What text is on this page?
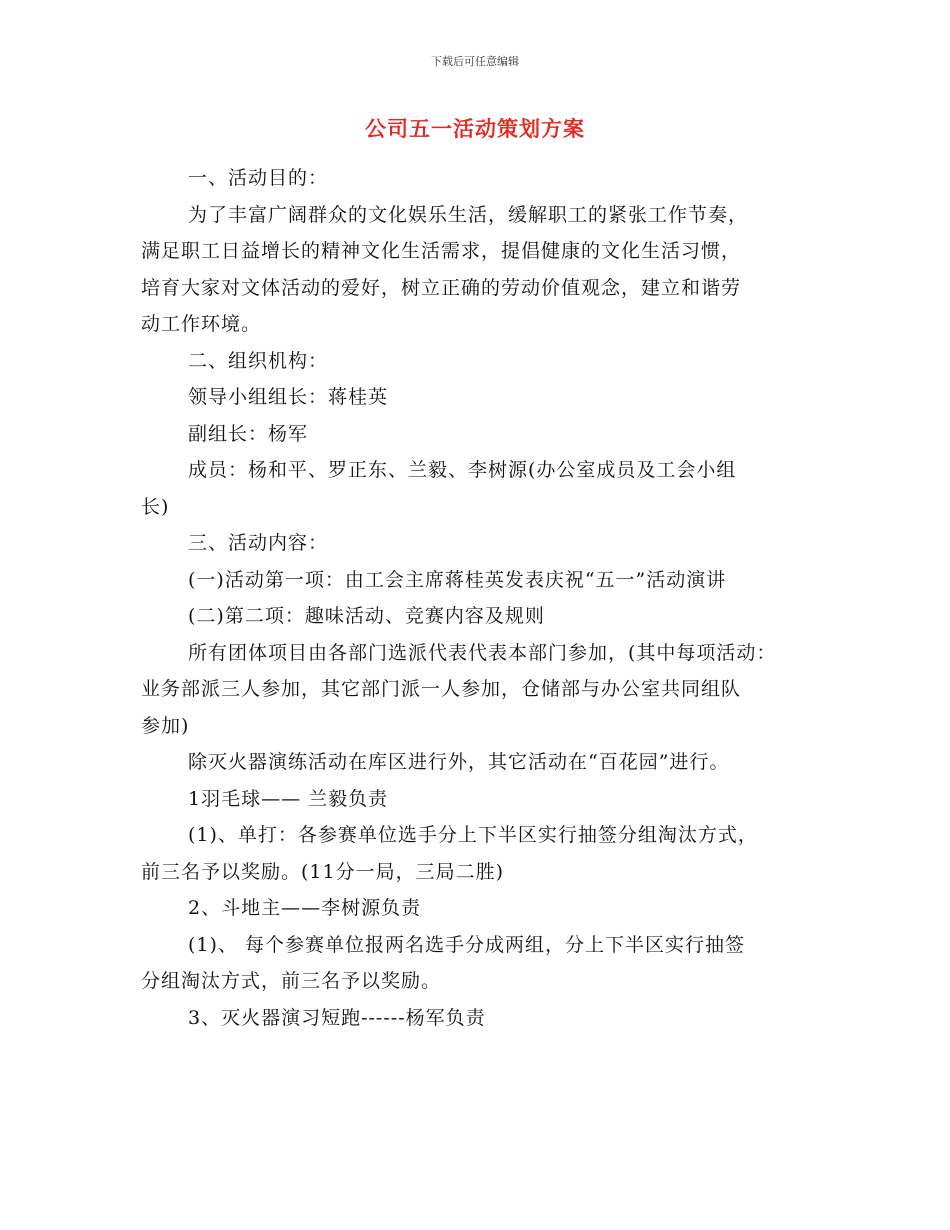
下载后可任意编辑
公司五一活动策划方案
一、活动目的：
为了丰富广阔群众的文化娱乐生活，缓解职工的紧张工作节奏，
满足职工日益增长的精神文化生活需求，提倡健康的文化生活习惯，
培育大家对文体活动的爱好，树立正确的劳动价值观念，建立和谐劳
动工作环境。
二、组织机构：
领导小组组长：蒋桂英
副组长：杨军
成员：杨和平、罗正东、兰毅、李树源(办公室成员及工会小组
长)
三、活动内容：
(一)活动第一项：由工会主席蒋桂英发表庆祝“五一”活动演讲
(二)第二项：趣味活动、竞赛内容及规则
所有团体项目由各部门选派代表代表本部门参加，(其中每项活动：
业务部派三人参加，其它部门派一人参加，仓储部与办公室共同组队
参加)
除灭火器演练活动在库区进行外，其它活动在“百花园”进行。
1羽毛球—— 兰毅负责
(1)、单打：各参赛单位选手分上下半区实行抽签分组淘汰方式，
前三名予以奖励。(11分一局，三局二胜)
2、斗地主——李树源负责
(1)、 每个参赛单位报两名选手分成两组，分上下半区实行抽签
分组淘汰方式，前三名予以奖励。
3、灭火器演习短跑------杨军负责
